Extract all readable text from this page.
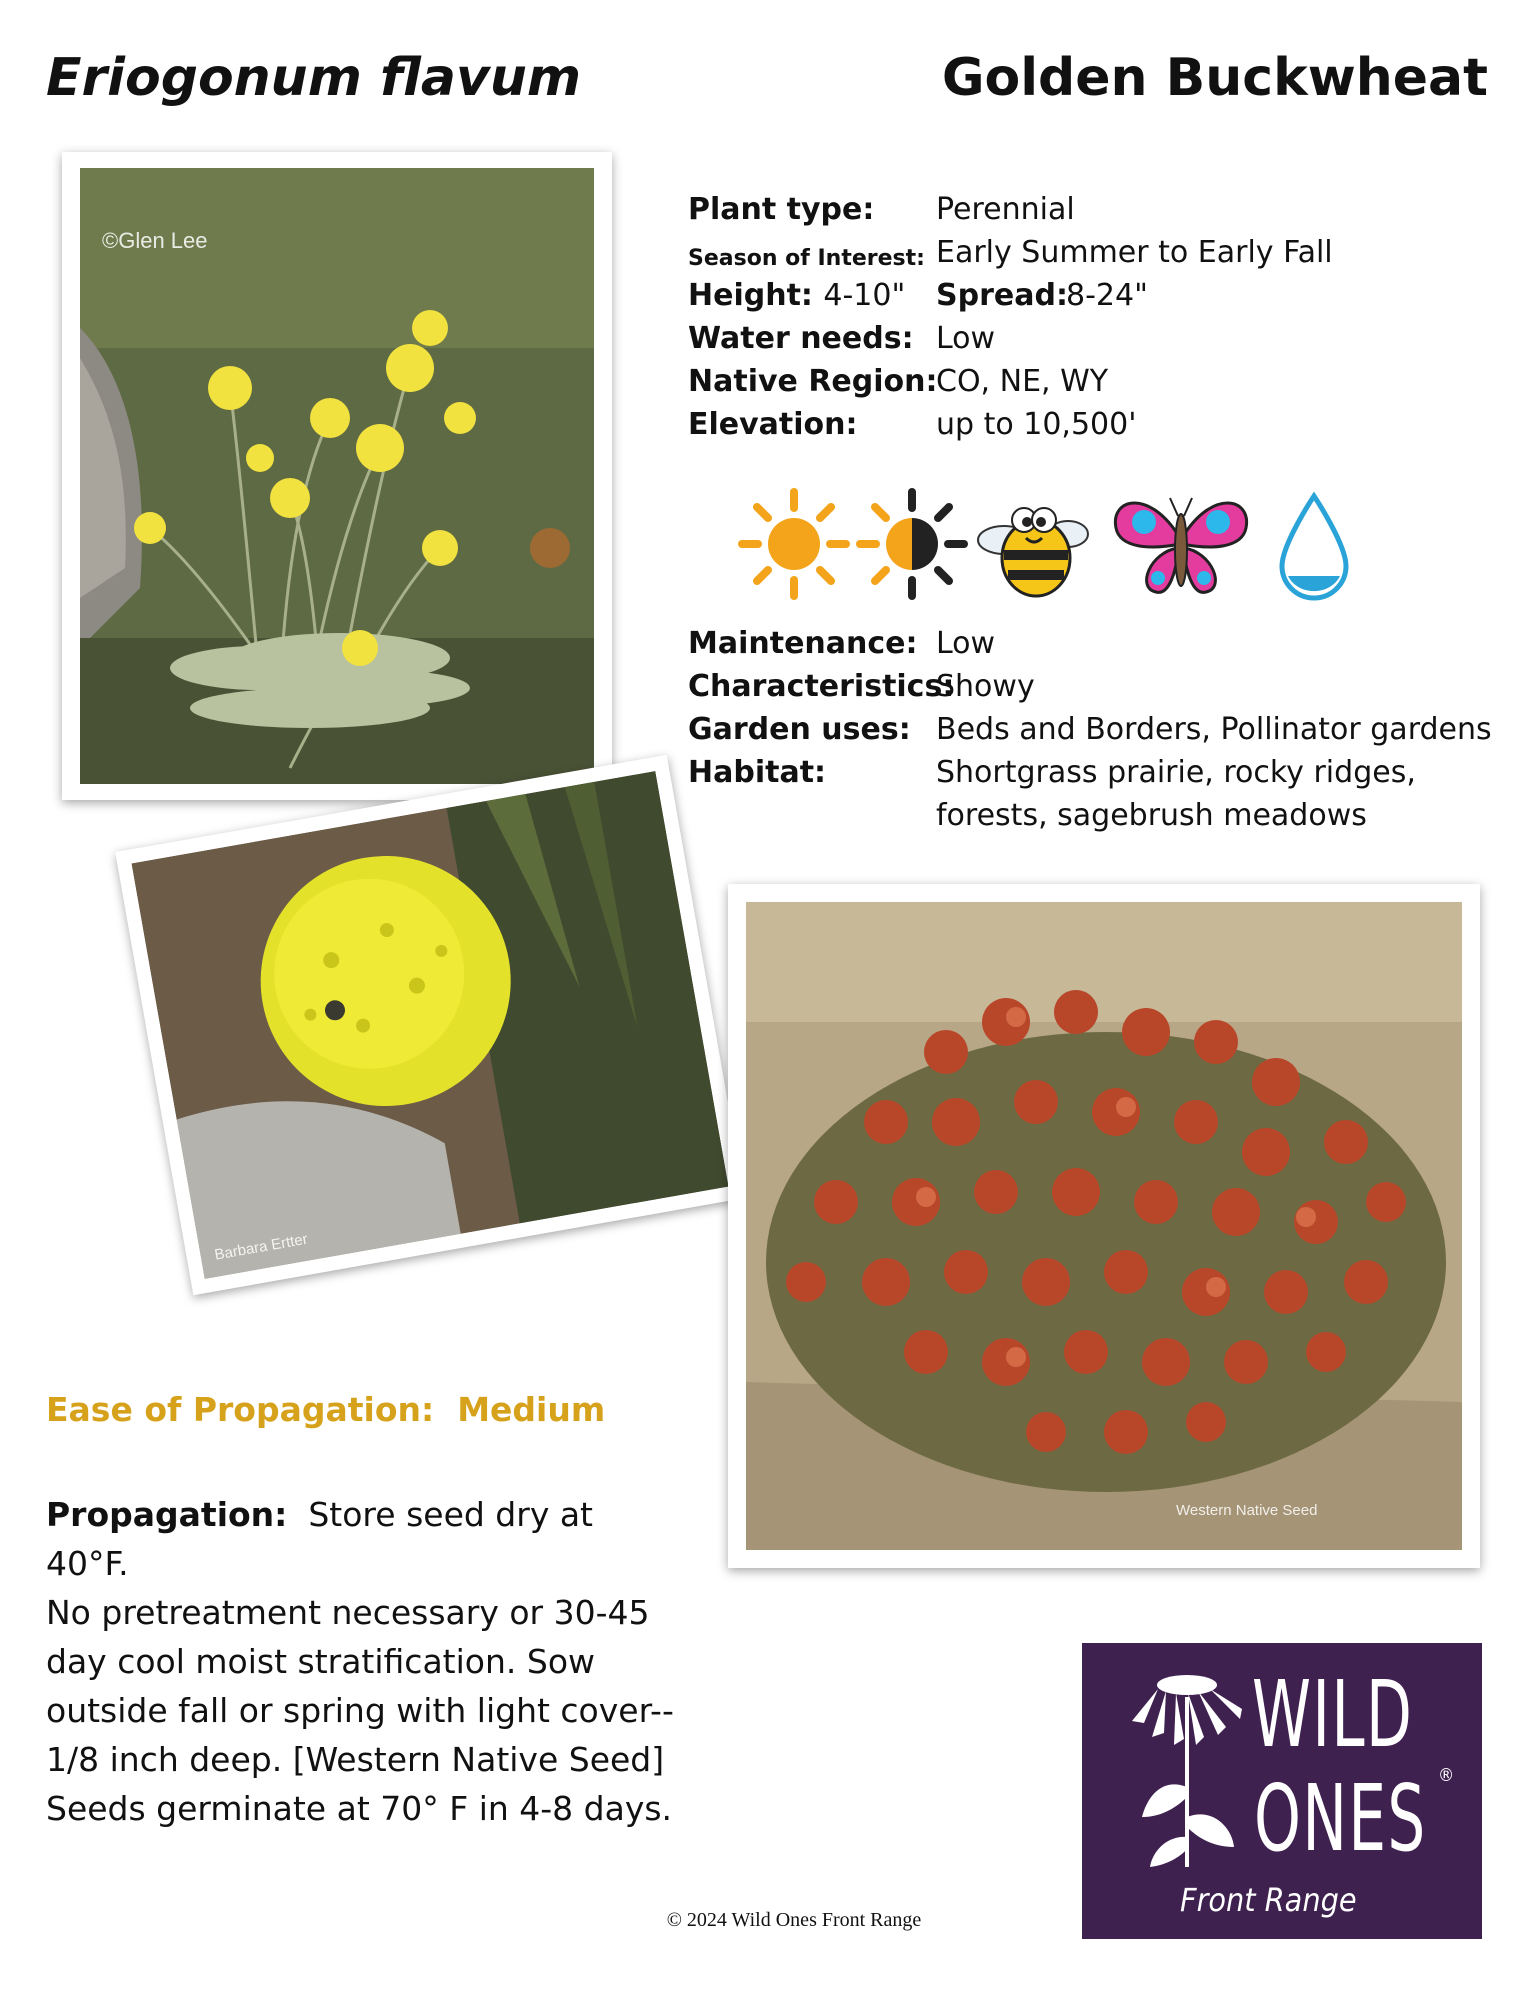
Eriogonum flavum	Golden Buckwheat
©Glen Lee
Barbara Ertter
Western Native Seed
Plant type: Perennial
Season of Interest: Early Summer to Early Fall
Height: 4-10" Spread:
8-24"
Water needs: Low
Native Region:
CO, NE, WY
Elevation:	up to 10,500'
Maintenance: Low
Characteristics:
Showy
Garden uses: Beds and Borders, Pollinator gardens
Habitat:	Shortgrass prairie, rocky ridges,
forests, sagebrush meadows
Ease of Propagation: Medium
Propagation: Store seed dry at 40°F.
No pretreatment necessary or 30-45
day cool moist stratification. Sow
outside fall or spring with light cover--
1/8 inch deep. [Western Native Seed]
Seeds germinate at 70° F in 4-8 days.
WILD
ONES ®
Front Range
© 2024 Wild Ones Front Range
